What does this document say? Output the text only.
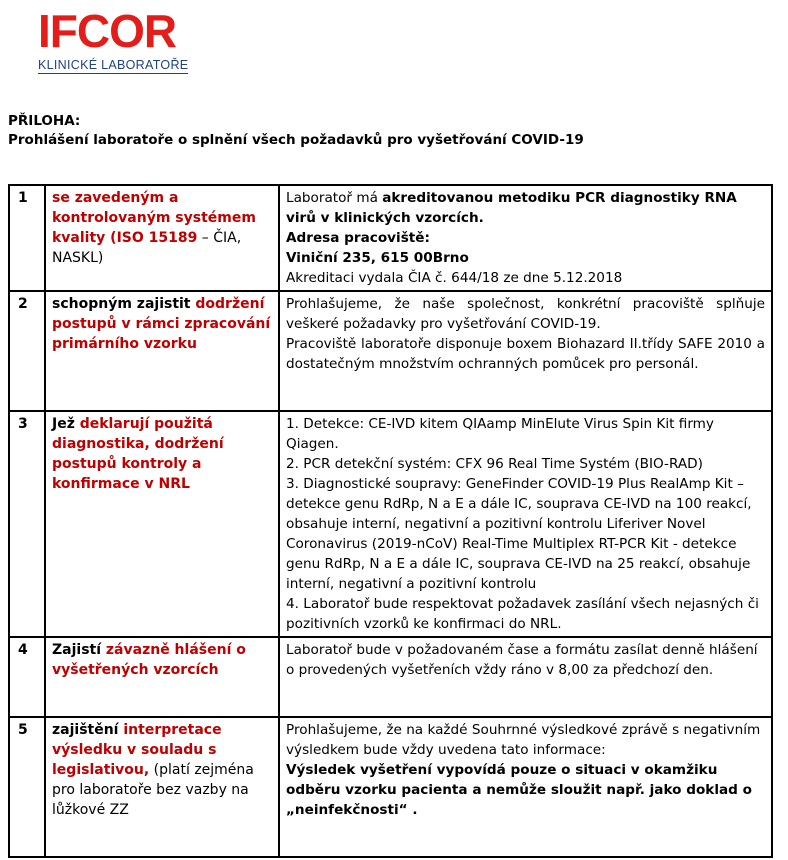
IFCOR
KLINICKÉ LABORATOŘE
PŘILOHA:
Prohlášení laboratoře o splnění všech požadavků pro vyšetřování COVID-19
1	se zavedeným a kontrolovaným systémem kvality (ISO 15189 – ČIA, NASKL)	Laboratoř má akreditovanou metodiku PCR diagnostiky RNA virů v klinických vzorcích.
Adresa pracoviště:
Viniční 235, 615 00Brno
Akreditaci vydala ČIA č. 644/18 ze dne 5.12.2018

2	schopným zajistit dodržení postupů v rámci zpracování primárního vzorku	Prohlašujeme, že naše společnost, konkrétní pracoviště splňuje veškeré požadavky pro vyšetřování COVID-19.
Pracoviště laboratoře disponuje boxem Biohazard II.třídy SAFE 2010 a dostatečným množstvím ochranných pomůcek pro personál.

3	Jež deklarují použitá diagnostika, dodržení postupů kontroly a konfirmace v NRL	1. Detekce: CE-IVD kitem QIAamp MinElute Virus Spin Kit firmy Qiagen.
2. PCR detekční systém: CFX 96 Real Time Systém (BIO-RAD)
3. Diagnostické soupravy: GeneFinder COVID-19 Plus RealAmp Kit – detekce genu RdRp, N a E a dále IC, souprava CE-IVD na 100 reakcí, obsahuje interní, negativní a pozitivní kontrolu Liferiver Novel Coronavirus (2019-nCoV) Real-Time Multiplex RT-PCR Kit - detekce genu RdRp, N a E a dále IC, souprava CE-IVD na 25 reakcí, obsahuje interní, negativní a pozitivní kontrolu
4. Laboratoř bude respektovat požadavek zasílání všech nejasných či pozitivních vzorků ke konfirmaci do NRL.

4	Zajistí závazně hlášení o vyšetřených vzorcích	Laboratoř bude v požadovaném čase a formátu zasílat denně hlášení o provedených vyšetřeních vždy ráno v 8,00 za předchozí den.

5	zajištění interpretace výsledku v souladu s legislativou, (platí zejména pro laboratoře bez vazby na lůžkové ZZ	Prohlašujeme, že na každé Souhrnné výsledkové zprávě s negativním výsledkem bude vždy uvedena tato informace:
Výsledek vyšetření vypovídá pouze o situaci v okamžiku odběru vzorku pacienta a nemůže sloužit např. jako doklad o „neinfekčnosti“ .
